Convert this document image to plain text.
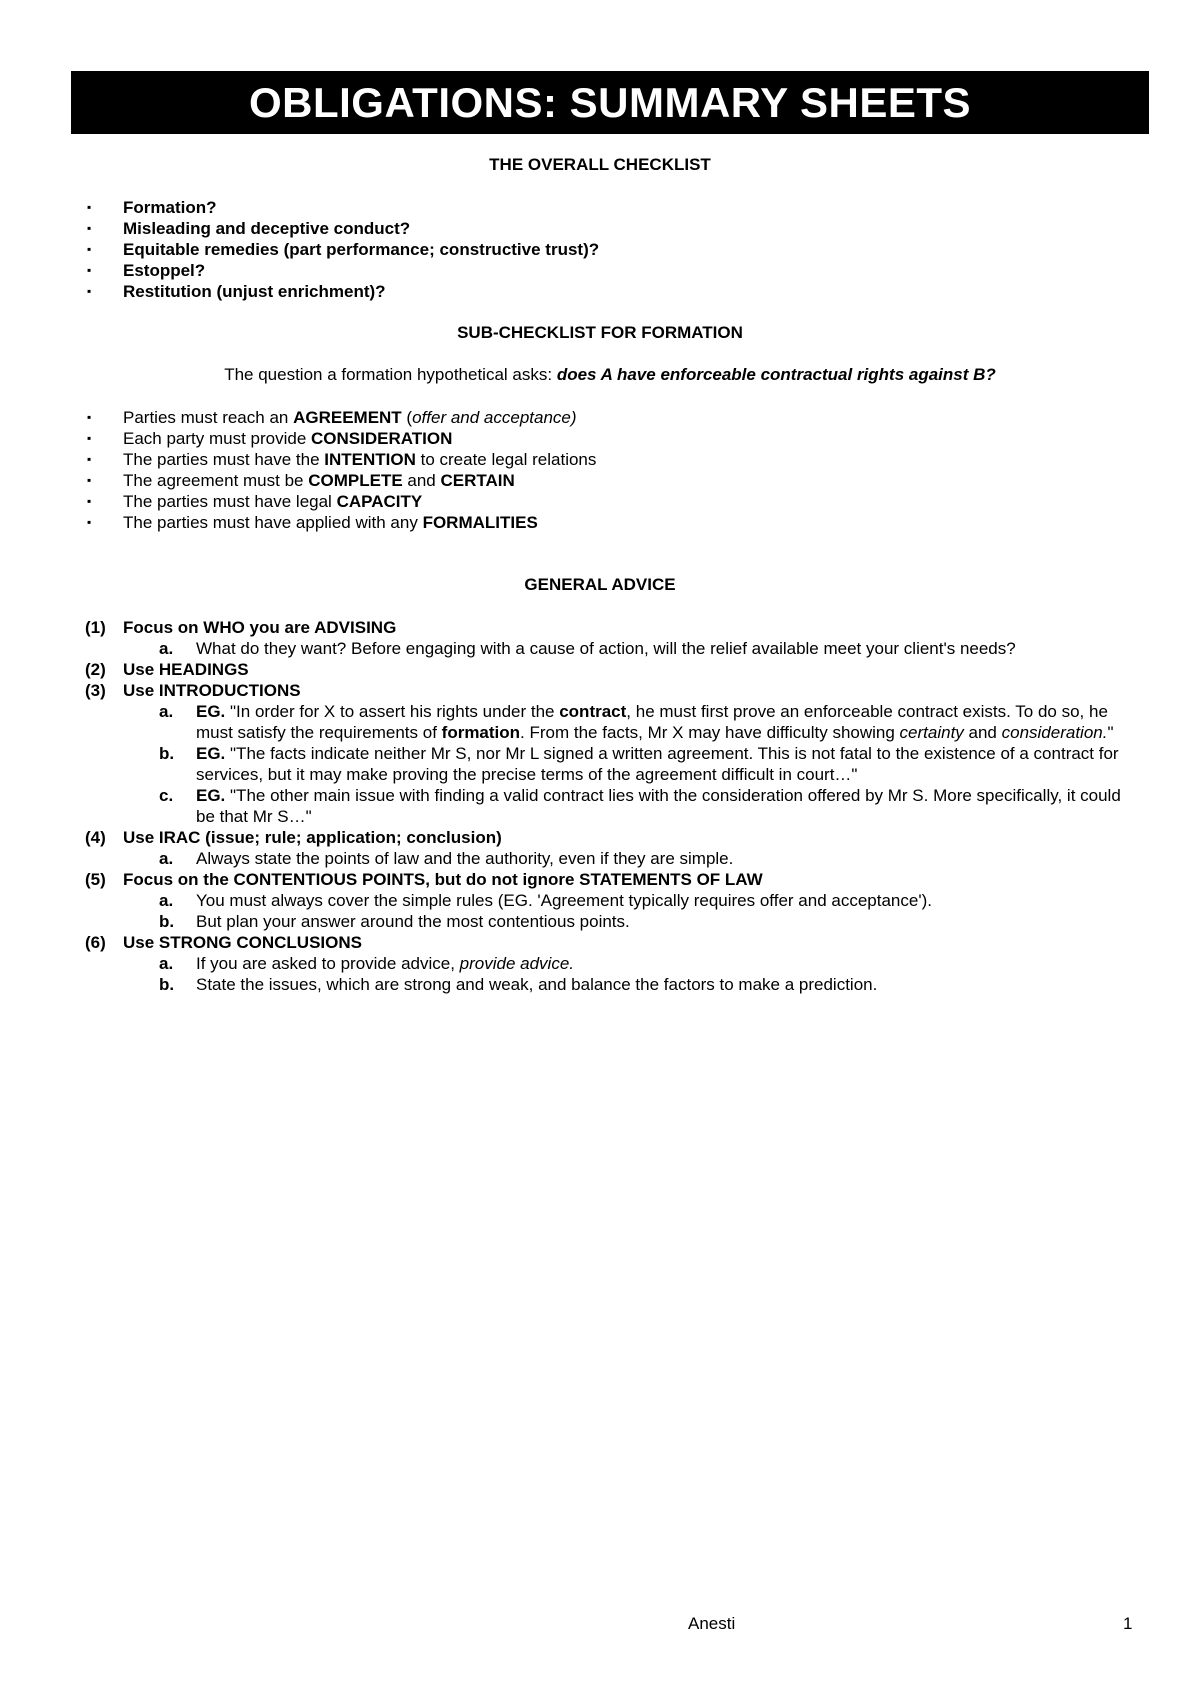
OBLIGATIONS: SUMMARY SHEETS
THE OVERALL CHECKLIST
▪ Formation?
▪ Misleading and deceptive conduct?
▪ Equitable remedies (part performance; constructive trust)?
▪ Estoppel?
▪ Restitution (unjust enrichment)?
SUB-CHECKLIST FOR FORMATION
The question a formation hypothetical asks: does A have enforceable contractual rights against B?
▪ Parties must reach an AGREEMENT (offer and acceptance)
▪ Each party must provide CONSIDERATION
▪ The parties must have the INTENTION to create legal relations
▪ The agreement must be COMPLETE and CERTAIN
▪ The parties must have legal CAPACITY
▪ The parties must have applied with any FORMALITIES
GENERAL ADVICE
(1) Focus on WHO you are ADVISING
a. What do they want? Before engaging with a cause of action, will the relief available meet your client's needs?
(2) Use HEADINGS
(3) Use INTRODUCTIONS
a. EG. "In order for X to assert his rights under the contract, he must first prove an enforceable contract exists. To do so, he must satisfy the requirements of formation. From the facts, Mr X may have difficulty showing certainty and consideration."
b. EG. "The facts indicate neither Mr S, nor Mr L signed a written agreement. This is not fatal to the existence of a contract for services, but it may make proving the precise terms of the agreement difficult in court…"
c. EG. "The other main issue with finding a valid contract lies with the consideration offered by Mr S. More specifically, it could be that Mr S…"
(4) Use IRAC (issue; rule; application; conclusion)
a. Always state the points of law and the authority, even if they are simple.
(5) Focus on the CONTENTIOUS POINTS, but do not ignore STATEMENTS OF LAW
a. You must always cover the simple rules (EG. 'Agreement typically requires offer and acceptance').
b. But plan your answer around the most contentious points.
(6) Use STRONG CONCLUSIONS
a. If you are asked to provide advice, provide advice.
b. State the issues, which are strong and weak, and balance the factors to make a prediction.
Anesti	1
